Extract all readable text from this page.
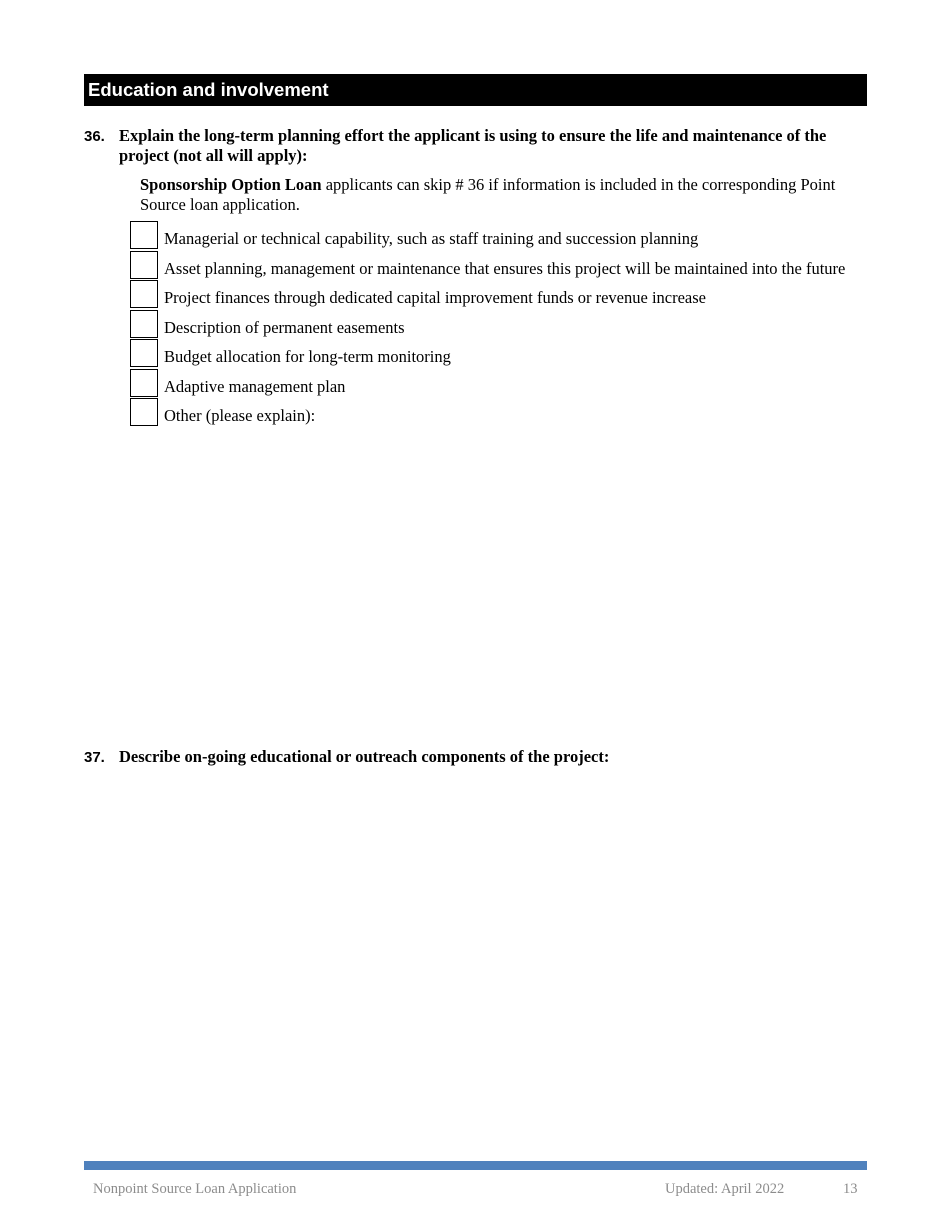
Education and involvement
36. Explain the long-term planning effort the applicant is using to ensure the life and maintenance of the project (not all will apply):
Sponsorship Option Loan applicants can skip # 36 if information is included in the corresponding Point Source loan application.
Managerial or technical capability, such as staff training and succession planning
Asset planning, management or maintenance that ensures this project will be maintained into the future
Project finances through dedicated capital improvement funds or revenue increase
Description of permanent easements
Budget allocation for long-term monitoring
Adaptive management plan
Other (please explain):
37. Describe on-going educational or outreach components of the project:
Nonpoint Source Loan Application	Updated: April 2022	13
